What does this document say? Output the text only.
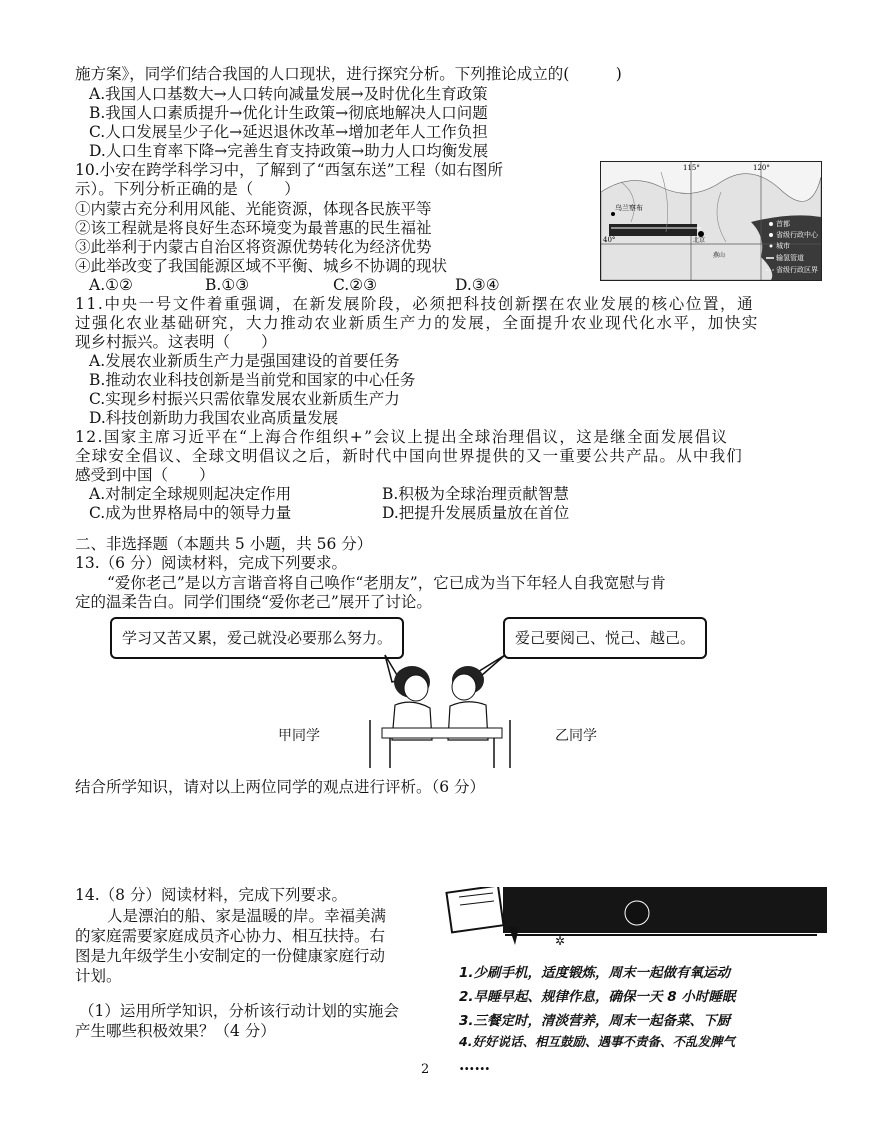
施方案》，同学们结合我国的人口现状，进行探究分析。下列推论成立的(　　　)
A.我国人口基数大→人口转向减量发展→及时优化生育政策
B.我国人口素质提升→优化计生政策→彻底地解决人口问题
C.人口发展呈少子化→延迟退休改革→增加老年人工作负担
D.人口生育率下降→完善生育支持政策→助力人口均衡发展
10.小安在跨学科学习中，了解到了“西氢东送”工程（如右图所
示）。下列分析正确的是（　　）
①内蒙古充分利用风能、光能资源，体现各民族平等
②该工程就是将良好生态环境变为最普惠的民生福祉
③此举利于内蒙古自治区将资源优势转化为经济优势
④此举改变了我国能源区域不平衡、城乡不协调的现状
A.①②	B.①③	C.②③	D.③④
115°	120°
40°
乌兰察布
北京
燕山
首都
省级行政中心
城市
输氢管道
省级行政区界
11.中央一号文件着重强调，在新发展阶段，必须把科技创新摆在农业发展的核心位置，通
过强化农业基础研究，大力推动农业新质生产力的发展，全面提升农业现代化水平，加快实
现乡村振兴。这表明（　　）
A.发展农业新质生产力是强国建设的首要任务
B.推动农业科技创新是当前党和国家的中心任务
C.实现乡村振兴只需依靠发展农业新质生产力
D.科技创新助力我国农业高质量发展
12.国家主席习近平在“上海合作组织+”会议上提出全球治理倡议，这是继全面发展倡议
全球安全倡议、全球文明倡议之后，新时代中国向世界提供的又一重要公共产品。从中我们
感受到中国（　　）
A.对制定全球规则起决定作用	B.积极为全球治理贡献智慧
C.成为世界格局中的领导力量	D.把提升发展质量放在首位
二、非选择题（本题共 5 小题，共 56 分）
13.（6 分）阅读材料，完成下列要求。
“爱你老己”是以方言谐音将自己唤作“老朋友”，它已成为当下年轻人自我宽慰与肯
定的温柔告白。同学们围绕“爱你老己”展开了讨论。
学习又苦又累，爱己就没必要那么努力。	爱己要阅己、悦己、越己。
甲同学	乙同学
结合所学知识，请对以上两位同学的观点进行评析。（6 分）
14.（8 分）阅读材料，完成下列要求。
人是漂泊的船、家是温暖的岸。幸福美满
的家庭需要家庭成员齐心协力、相互扶持。右
图是九年级学生小安制定的一份健康家庭行动
计划。
（1）运用所学知识，分析该行动计划的实施会
产生哪些积极效果？（4 分）
✲
1.少刷手机，适度锻炼，周末一起做有氧运动
2.早睡早起、规律作息，确保一天 8 小时睡眠
3.三餐定时，清淡营养，周末一起备菜、下厨
4.好好说话、相互鼓励、遇事不责备、不乱发脾气
……
2
